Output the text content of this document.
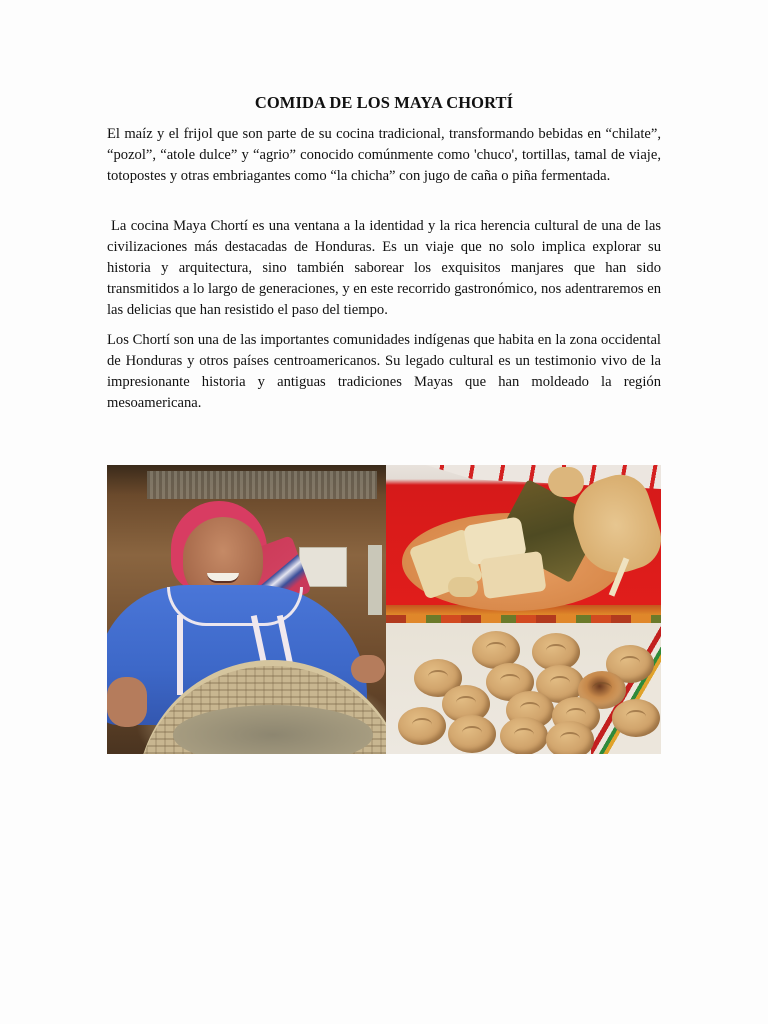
COMIDA DE LOS MAYA CHORTÍ

El maíz y el frijol que son parte de su cocina tradicional, transformando bebidas en “chilate”, “pozol”, “atole dulce” y “agrio” conocido comúnmente como 'chuco', tortillas, tamal de viaje, totopostes y otras embriagantes como “la chicha” con jugo de caña o piña fermentada.

La cocina Maya Chortí es una ventana a la identidad y la rica herencia cultural de una de las civilizaciones más destacadas de Honduras. Es un viaje que no solo implica explorar su historia y arquitectura, sino también saborear los exquisitos manjares que han sido transmitidos a lo largo de generaciones, y en este recorrido gastronómico, nos adentraremos en las delicias que han resistido el paso del tiempo.

Los Chortí son una de las importantes comunidades indígenas que habita en la zona occidental de Honduras y otros países centroamericanos. Su legado cultural es un testimonio vivo de la impresionante historia y antiguas tradiciones Mayas que han moldeado la región mesoamericana.
